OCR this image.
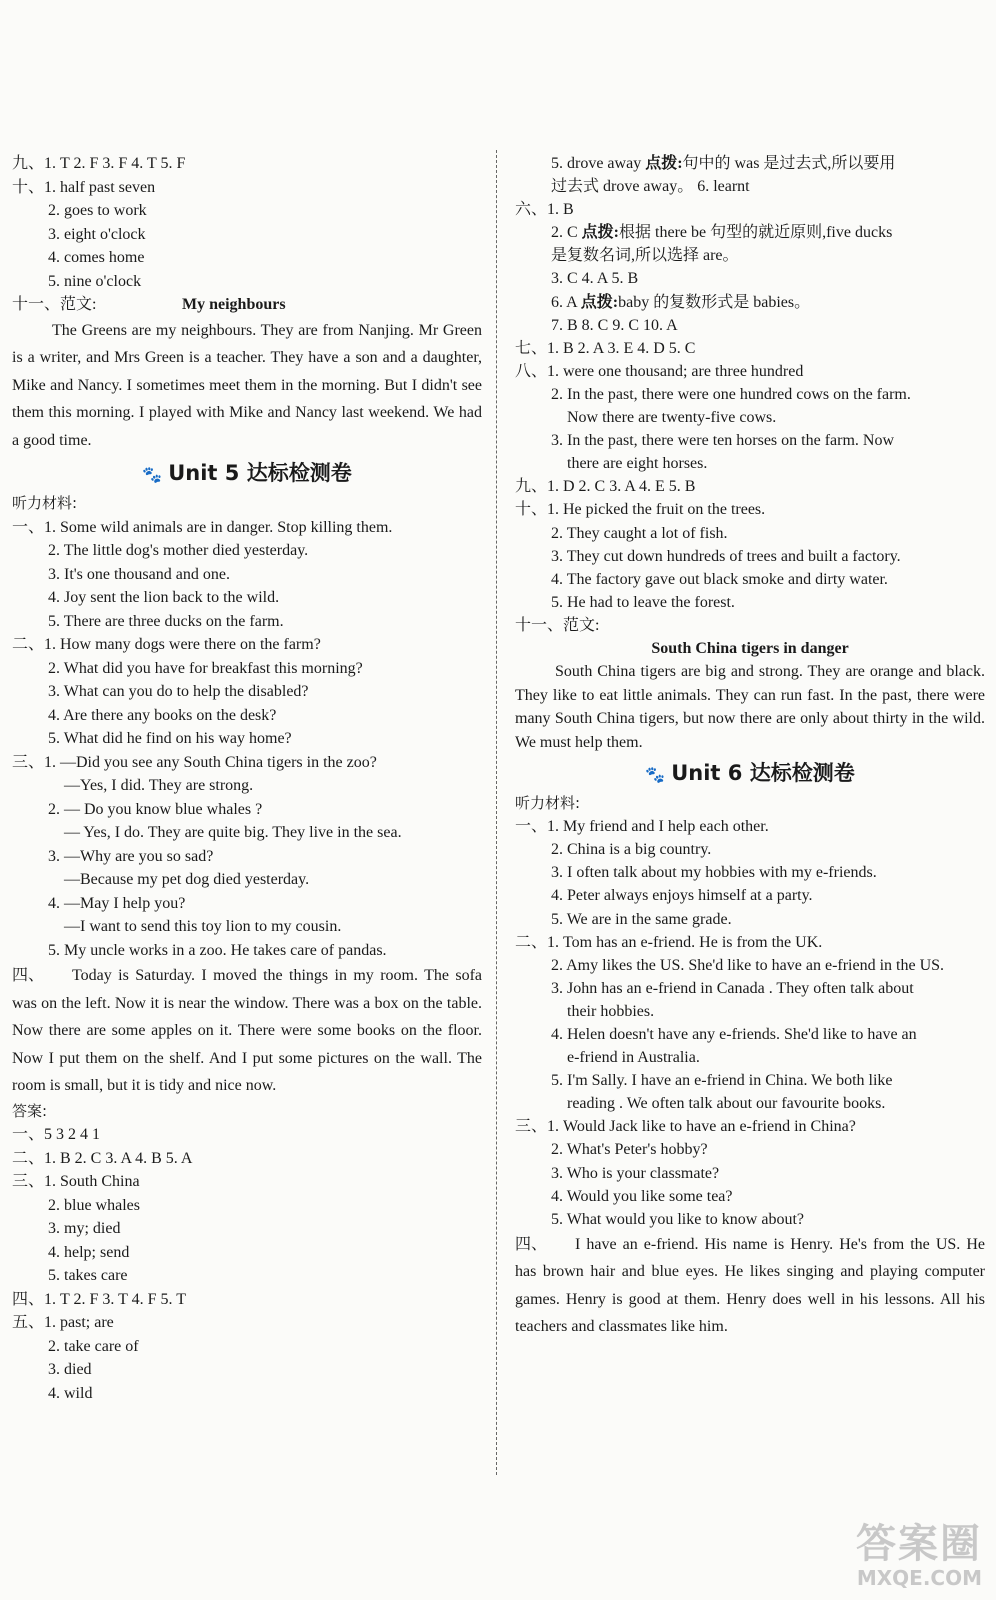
九、1. T 2. F 3. F 4. T 5. F
十、1. half past seven
2. goes to work
3. eight o'clock
4. comes home
5. nine o'clock
十一、范文:	My neighbours
The Greens are my neighbours. They are from Nanjing. Mr Green is a writer, and Mrs Green is a teacher. They have a son and a daughter, Mike and Nancy. I sometimes meet them in the morning. But I didn't see them this morning. I played with Mike and Nancy last weekend. We had a good time.
🐾 Unit 5 达标检测卷
听力材料:
一、1. Some wild animals are in danger. Stop killing them.
2. The little dog's mother died yesterday.
3. It's one thousand and one.
4. Joy sent the lion back to the wild.
5. There are three ducks on the farm.
二、1. How many dogs were there on the farm?
2. What did you have for breakfast this morning?
3. What can you do to help the disabled?
4. Are there any books on the desk?
5. What did he find on his way home?
三、1. —Did you see any South China tigers in the zoo?
—Yes, I did. They are strong.
2. — Do you know blue whales ?
— Yes, I do. They are quite big. They live in the sea.
3. —Why are you so sad?
—Because my pet dog died yesterday.
4. —May I help you?
—I want to send this toy lion to my cousin.
5. My uncle works in a zoo. He takes care of pandas.
四、 Today is Saturday. I moved the things in my room. The sofa was on the left. Now it is near the window. There was a box on the table. Now there are some apples on it. There were some books on the floor. Now I put them on the shelf. And I put some pictures on the wall. The room is small, but it is tidy and nice now.
答案:
一、5 3 2 4 1
二、1. B 2. C 3. A 4. B 5. A
三、1. South China
2. blue whales
3. my; died
4. help; send
5. takes care
四、1. T 2. F 3. T 4. F 5. T
五、1. past; are
2. take care of
3. died
4. wild
5. drove away 点拨:句中的 was 是过去式,所以要用
过去式 drove away。 6. learnt
六、1. B
2. C 点拨:根据 there be 句型的就近原则,five ducks
是复数名词,所以选择 are。
3. C 4. A 5. B
6. A 点拨:baby 的复数形式是 babies。
7. B 8. C 9. C 10. A
七、1. B 2. A 3. E 4. D 5. C
八、1. were one thousand; are three hundred
2. In the past, there were one hundred cows on the farm.
Now there are twenty-five cows.
3. In the past, there were ten horses on the farm. Now
there are eight horses.
九、1. D 2. C 3. A 4. E 5. B
十、1. He picked the fruit on the trees.
2. They caught a lot of fish.
3. They cut down hundreds of trees and built a factory.
4. The factory gave out black smoke and dirty water.
5. He had to leave the forest.
十一、范文:
South China tigers in danger
South China tigers are big and strong. They are orange and black. They like to eat little animals. They can run fast. In the past, there were many South China tigers, but now there are only about thirty in the wild. We must help them.
🐾 Unit 6 达标检测卷
听力材料:
一、1. My friend and I help each other.
2. China is a big country.
3. I often talk about my hobbies with my e-friends.
4. Peter always enjoys himself at a party.
5. We are in the same grade.
二、1. Tom has an e-friend. He is from the UK.
2. Amy likes the US. She'd like to have an e-friend in the US.
3. John has an e-friend in Canada . They often talk about
their hobbies.
4. Helen doesn't have any e-friends. She'd like to have an
e-friend in Australia.
5. I'm Sally. I have an e-friend in China. We both like
reading . We often talk about our favourite books.
三、1. Would Jack like to have an e-friend in China?
2. What's Peter's hobby?
3. Who is your classmate?
4. Would you like some tea?
5. What would you like to know about?
四、 I have an e-friend. His name is Henry. He's from the US. He has brown hair and blue eyes. He likes singing and playing computer games. Henry is good at them. Henry does well in his lessons. All his teachers and classmates like him.
答案圈
MXQE.COM
